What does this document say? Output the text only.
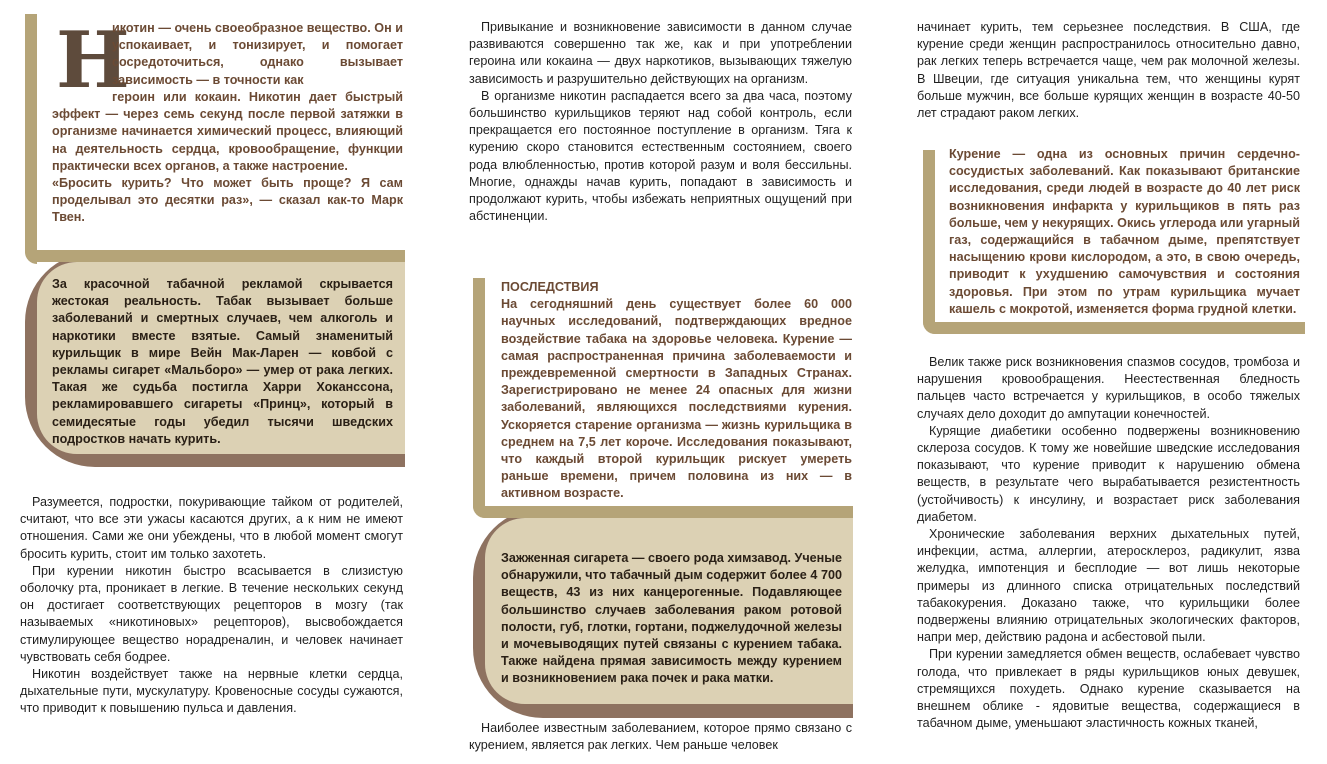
Н

икотин — очень своеобразное вещество. Он и успокаивает, и тонизирует, и помогает сосредоточиться, однако вызывает зависимость — в точности как

героин или кокаин. Никотин дает быстрый эффект — через семь секунд после первой затяжки в организме начинается химический процесс, влияющий на деятельность сердца, кровообращение, функции практически всех органов, а также настроение.

«Бросить курить? Что может быть проще? Я сам проделывал это десятки раз», — сказал как-то Марк Твен.

За красочной табачной рекламой скрывается жестокая реальность. Табак вызывает больше заболеваний и смертных случаев, чем алкоголь и наркотики вместе взятые. Самый знаменитый курильщик в мире Вейн Мак-Ларен — ковбой с рекламы сигарет «Мальборо» — умер от рака легких. Такая же судьба постигла Харри Хоканссона, рекламировавшего сигареты «Принц», который в семидесятые годы убедил тысячи шведских подростков начать курить.

Разумеется, подростки, покуривающие тайком от родителей, считают, что все эти ужасы касаются других, а к ним не имеют отношения. Сами же они убеждены, что в любой момент смогут бросить курить, стоит им только захотеть.

При курении никотин быстро всасывается в слизистую оболочку рта, проникает в легкие. В течение нескольких секунд он достигает соответствующих рецепторов в мозгу (так называемых «никотиновых» рецепторов), высвобождается стимулирующее вещество норадреналин, и человек начинает чувствовать себя бодрее.

Никотин воздействует также на нервные клетки сердца, дыхательные пути, мускулатуру. Кровеносные сосуды сужаются, что приводит к повышению пульса и давления.

Привыкание и возникновение зависимости в данном случае развиваются совершенно так же, как и при употреблении героина или кокаина — двух наркотиков, вызывающих тяжелую зависимость и разрушительно действующих на организм.

В организме никотин распадается всего за два часа, поэтому большинство курильщиков теряют над собой контроль, если прекращается его постоянное поступление в организм. Тяга к курению скоро становится естественным состоянием, своего рода влюбленностью, против которой разум и воля бессильны. Многие, однажды начав курить, попадают в зависимость и продолжают курить, чтобы избежать неприятных ощущений при абстиненции.

ПОСЛЕДСТВИЯ

На сегодняшний день существует более 60 000 научных исследований, подтверждающих вредное воздействие табака на здоровье человека. Курение — самая распространенная причина заболеваемости и преждевременной смертности в Западных Странах. Зарегистрировано не менее 24 опасных для жизни заболеваний, являющихся последствиями курения. Ускоряется старение организма — жизнь курильщика в среднем на 7,5 лет короче. Исследования показывают, что каждый второй курильщик рискует умереть раньше времени, причем половина из них — в активном возрасте.

Зажженная сигарета — своего рода химзавод. Ученые обнаружили, что табачный дым содержит более 4 700 веществ, 43 из них канцерогенные. Подавляющее большинство случаев заболевания раком ротовой полости, губ, глотки, гортани, поджелудочной железы и мочевыводящих путей связаны с курением табака. Также найдена прямая зависимость между курением и возникновением рака почек и рака матки.

Наиболее известным заболеванием, которое прямо связано с курением, является рак легких. Чем раньше человек

начинает курить, тем серьезнее последствия. В США, где курение среди женщин распространилось относительно давно, рак легких теперь встречается чаще, чем рак молочной железы. В Швеции, где ситуация уникальна тем, что женщины курят больше мужчин, все больше курящих женщин в возрасте 40-50 лет страдают раком легких.

Курение — одна из основных причин сердечно-сосудистых заболеваний. Как показывают британские исследования, среди людей в возрасте до 40 лет риск возникновения инфаркта у курильщиков в пять раз больше, чем у некурящих. Окись углерода или угарный газ, содержащийся в табачном дыме, препятствует насыщению крови кислородом, а это, в свою очередь, приводит к ухудшению самочувствия и состояния здоровья. При этом по утрам курильщика мучает кашель с мокротой, изменяется форма грудной клетки.

Велик также риск возникновения спазмов сосудов, тромбоза и нарушения кровообращения. Неестественная бледность пальцев часто встречается у курильщиков, в особо тяжелых случаях дело доходит до ампутации конечностей.

Курящие диабетики особенно подвержены возникновению склероза сосудов. К тому же новейшие шведские исследования показывают, что курение приводит к нарушению обмена веществ, в результате чего вырабатывается резистентность (устойчивость) к инсулину, и возрастает риск заболевания диабетом.

Хронические заболевания верхних дыхательных путей, инфекции, астма, аллергии, атеросклероз, радикулит, язва желудка, импотенция и бесплодие — вот лишь некоторые примеры из длинного списка отрицательных последствий табакокурения. Доказано также, что курильщики более подвержены влиянию отрицательных экологических факторов, напри мер, действию радона и асбестовой пыли.

При курении замедляется обмен веществ, ослабевает чувство голода, что привлекает в ряды курильщиков юных девушек, стремящихся похудеть. Однако курение сказывается на внешнем облике - ядовитые вещества, содержащиеся в табачном дыме, уменьшают эластичность кожных тканей,
